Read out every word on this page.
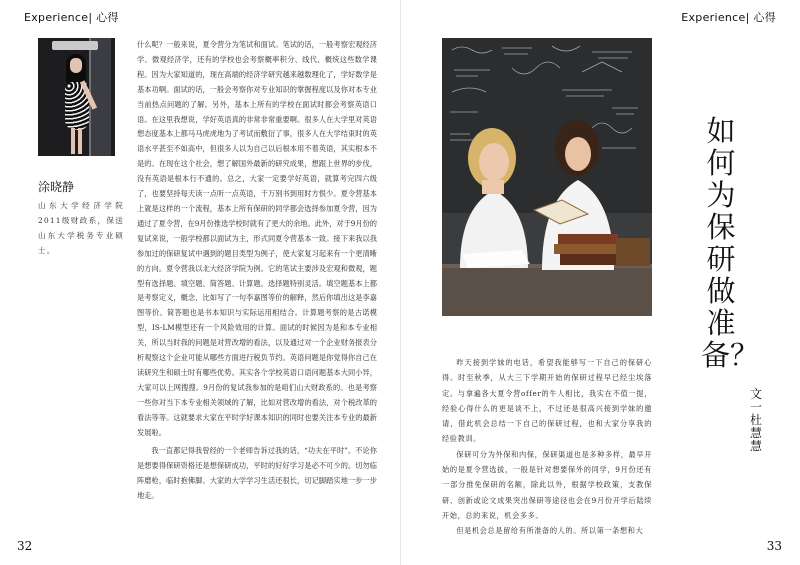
Experience| 心得
涂晓静
山东大学经济学院2011级财政系，保送山东大学税务专业硕士。

什么呢？一般来说，夏令营分为笔试和面试。笔试的话，一般考察宏观经济学、微观经济学，还有的学校也会考察概率积分、线代、概统这些数学课程。因为大家知道的，现在高端的经济学研究越来越数理化了，学好数学是基本功啊。面试的话，一般会考察你对专业知识的掌握程度以及你对本专业当前热点问题的了解。另外，基本上所有的学校在面试时都会考察英语口语。在这里我想说，学好英语真的非常非常重要啊。很多人在大学里对英语想态度基本上都马马虎虎地为了考试而敷衍了事，很多人在大学结束时的英语水平甚至不如高中，但很多人以为自己以后根本用不着英语，其实根本不是的。在现在这个社会，想了解国外最新的研究成果，想跟上世界的步伐，没有英语是根本行不通的。总之，大家一定要学好英语，就算考完四六级了，也要坚持每天读一点听一点英语，千万别书到用时方恨少。夏令营基本上就是这样的一个流程，基本上所有保研的同学都会选择参加夏令营，因为通过了夏令营，在9月份推选学校时就有了更大的余地。此外，对于9月份的复试来说，一般学校都以面试为主，形式同夏令营基本一致。接下来我以我参加过的保研复试中遇到的题目类型为例子，使大家复习起来有一个更清晰的方向。夏令营我以北大经济学院为例。它的笔试主要涉及宏观和微观，题型有选择题、填空题、简答题、计算题。选择题特别灵活。填空题基本上都是考察定义，概念，比如写了一句李嘉图等价的解释，然后你填出这是李嘉图等价。简答题也是书本知识与实际运用相结合。计算题考察的是古诺模型，IS-LM模型还有一个风险效用的计算。面试的时候因为是和本专业相关，所以当时我的问题是对营改增的看法，以及通过对一个企业财务报表分析观察这个企业可能从哪些方面进行税负节约。英语问题是你觉得你自己在读研究生和硕士时有哪些优势。其实各个学校英语口语问题基本大同小异，大家可以上网搜搜。9月份的复试我参加的是咱们山大财政系的。也是考察一些你对当下本专业相关领域的了解，比如对营改增的看法，对个税改革的看法等等。这就要求大家在平时学好课本知识的同时也要关注本专业的最新发展啦。

我一直都记得我曾经的一个老师告诉过我的话，“功夫在平时”。不论你是想要得保研资格还是想保研成功，平时的好好学习是必不可少的。切勿临阵磨枪，临时抱佛脚。大家的大学学习生活还很长，切记脚踏实地一步一步地走。

32
Experience| 心得
如何为保研做准备？
文一杜慧慧

昨天接到学妹的电话，希望我能够写一下自己的保研心得。时至秋季，从大三下学期开始的保研过程早已经尘埃落定。与拿遍各大夏令营offer的牛人相比，我实在不值一提，经验心得什么的更是谈不上，不过还是很高兴接到学妹的邀请，借此机会总结一下自己的保研过程，也和大家分享我的经验教训。

保研可分为外保和内保，保研渠道也是多种多样，最早开始的是夏令营选拔，一般是针对想要保外的同学，9月份还有一部分推免保研的名额，除此以外，根据学校政策，支教保研、创新或论文成果突出保研等途径也会在9月份开学后陆续开始，总的来说，机会多多。

但是机会总是留给有所准备的人的。所以第一条想和大

33
